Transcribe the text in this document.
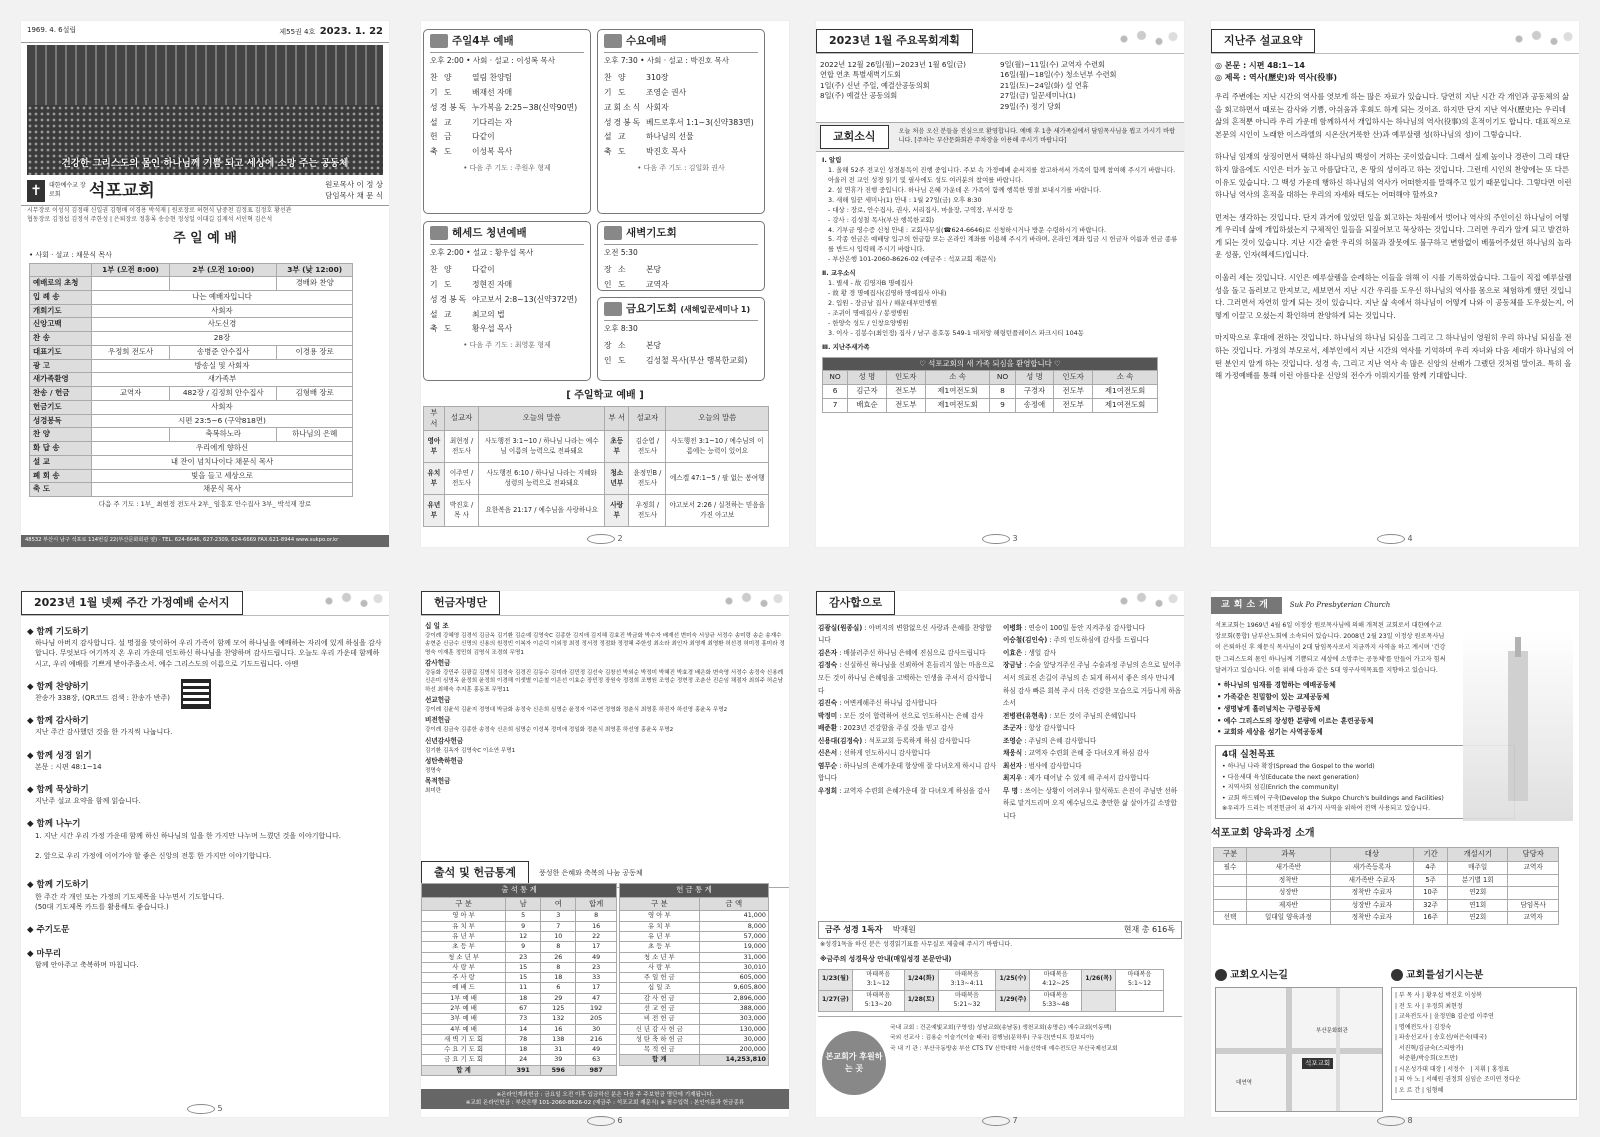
1969. 4. 6설립	제55권 4호 2023. 1. 22
건강한 그리스도의 몸인 하나님께 기쁨 되고 세상에 소망 주는 공동체
✝	대한예수교 장로회	석포교회	원로목사 이 정 상
담임목사 채 문 식
시무장로 이성식 김정태 신일권 김형배 이경용 박석재 | 원로장로 허현식 남중천 김정표 김정호 황선관
협동장로 김정섭 김정석 주한성 | 은퇴장로 정흥록 송승현 정성일 이대길 김재석 서인혁 김은석
주 일 예 배
• 사회 · 설교 : 채문식 목사
	1부 (오전 8:00)	2부 (오전 10:00)	3부 (낮 12:00)
예배로의 초청			경배와 찬양
입 례 송	나는 예배자입니다		
개회기도	사회자		
신앙고백	사도신경		
찬 송	28장		
대표기도	우정희 전도사	송병준 안수집사	이경용 장로
광 고	방송실 및 사회자		
새가족환영	새가족부		
찬송 / 헌금	교역자	482장 / 김정희 안수집사	김형배 장로
헌금기도	사회자		
성경봉독	시편 23:5~6 (구약818면)		
찬 양		축복하노라	하나님의 은혜
화 답 송	우리에게 향하신		
설 교	내 잔이 넘치나이다 채문식 목사		
폐 회 송	빛을 들고 세상으로		
축 도	채문식 목사		
다음 주 기도 : 1부_ 최현정 전도사 2부_ 임흥호 안수집사 3부_ 박석재 장로
48532 부산시 남구 석포로 114번길 22(부산문화회관 옆) · TEL. 624-6646, 627-2309, 624-6669 FAX.621-8944 www.sukpo.or.kr
주일4부 예배
오후 2:00 • 사회 · 설교 : 이성복 목사
찬 양	열림 찬양팀
기 도	배재선 자매
성경봉독 누가복음 2:25~38(신약90면)
설 교	기다리는 자
헌 금	다같이
축 도	이성복 목사
• 다음 주 기도 : 주원우 형제
수요예배
오후 7:30 • 사회 · 설교 : 박진호 목사
찬 양	310장
기 도	조영순 권사
교회소식 사회자
성경봉독 베드로후서 1:1~3(신약383면)
설 교	하나님의 선물
축 도	박진호 목사
• 다음 주 기도 : 김일화 권사
헤세드 청년예배
오후 2:00 • 설교 : 황우섭 목사
찬 양	다같이
기 도	정현진 자매
성경봉독 야고보서 2:8~13(신약372면)
설 교	최고의 법
축 도	황우섭 목사
• 다음 주 기도 : 최영훈 형제
새벽기도회
오전 5:30
장 소	본당
인 도	교역자
금요기도회 (새해일꾼세미나 1)
오후 8:30
장 소	본당
인 도	김성철 목사(부산 행복한교회)
[ 주일학교 예배 ]
부 서	설교자	오늘의 말씀	부 서	설교자	오늘의 말씀
영아부	최현정 / 전도사	사도행전 3:1~10 / 하나님 나라는 예수님 이름의 능력으로 전파돼요	초등부	김순엽 / 전도사	사도행전 3:1~10 / 예수님의 이름에는 능력이 있어요
유치부	이주연 / 전도사	사도행전 6:10 / 하나님 나라는 지혜와 성령의 능력으로 전파돼요	청소년부	윤정민B / 전도사	에스겔 47:1~5 / 팔 없는 봉여행
유년부	박진호 / 목 사	요한복음 21:17 / 예수님을 사랑하나요	사랑부	우정희 / 전도사	야고보서 2:26 / 실천하는 믿음을 가진 아고보
2
2023년 1월 주요목회계획
2022년 12월 26일(월)~2023년 1월 6일(금)
연합 연초 특별새벽기도회
1일(주) 신년 주일, 예결산공동의회
8일(주) 예결산 공동의회
9일(월)~11일(수) 교역자 수련회
16일(월)~18일(수) 청소년부 수련회
21일(토)~24일(화) 설 연휴
27일(금) 일꾼세미나(1)
29일(주) 정기 당회
교회소식	오늘 처음 오신 분들을 진심으로 환영합니다. 예배 후 1층 새가족실에서 담임목사님을 뵙고 가시기 바랍니다. [주차는 부산문화회관 주차장을 이용해 주시기 바랍니다]
Ⅰ. 알림
1. 올해 52주 전교인 성경통독이 진행 중입니다. 주보 속 가정예배 순서지를 참고하셔서 가족이 함께 참여해 주시기 바랍니다. 아울러 전 교인 성경 읽기 및 필사에도 성도 여러분의 참여를 바랍니다.
2. 설 연휴가 진행 중입니다. 하나님 은혜 가운데 온 가족이 함께 행복한 명절 보내시기를 바랍니다.
3. 새해 일꾼 세미나(1) 안내 : 1월 27일(금) 오후 8:30
- 대상 : 장로, 안수집사, 권사, 서리집사, 마을장, 구역장, 부서장 등
- 강사 : 김성철 목사(부산 행복한교회)
4. 기부금 영수증 신청 안내 : 교회사무실(☎624-6646)로 신청하시거나 방문 수령하시기 바랍니다.
5. 각종 헌금은 예배당 입구의 헌금함 또는 온라인 계좌를 이용해 주시기 바라며, 온라인 계좌 입금 시 헌금자 이름과 헌금 종류를 반드시 입력해 주시기 바랍니다.
- 부산은행 101-2060-8626-02 (예금주 : 석포교회 재문식)
Ⅱ. 교우소식
1. 별세 - 故 김영자B 명예집사
- 故 황 경 명예집사(김영하 명예집사 아내)
2. 입원 - 장금남 집사 / 해운대부민병원
- 조귀이 명예집사 / 봉생병원
- 한양숙 성도 / 인창요양병원
3. 이사 - 김봉수(최인정) 집사 / 남구 용호동 549-1 대저앙 해링턴플레이스 파크시티 104동
Ⅲ. 지난주새가족
♡ 석포교회의 새 가족 되심을 환영합니다 ♡							
NO	성 명	인도자	소 속	NO	성 명	인도자	소 속
6	김근자	전도부	제1여전도회	8	구경자	전도부	제1여전도회
7	배효순	전도부	제1여전도회	9	송정애	전도부	제1여전도회
3
지난주 설교요약
◎ 본문 : 시편 48:1~14
◎ 제목 : 역사(歷史)와 역사(役事)

우리 주변에는 지난 시간의 역사를 엿보게 하는 많은 자료가 있습니다. 당연히 지난 시간 각 개인과 공동체의 삶을 회고하면서 때로는 감사와 기쁨, 아쉬움과 후회도 하게 되는 것이죠. 하지만 단지 지난 역사(歷史)는 우리네 삶의 흔적뿐 아니라 우리 가운데 함께하셔서 개입하시는 하나님의 역사(役事)의 흔적이기도 합니다. 대표적으로 본문의 시인이 노래한 이스라엘의 시온산(거룩한 산)과 예루살렘 성(하나님의 성)이 그렇습니다.

하나님 임재의 상징이면서 택하신 하나님의 백성이 거하는 곳이었습니다. 그래서 실제 높이나 경관이 그리 대단하지 않음에도 시인은 터가 높고 아름답다고, 온 땅의 성이라고 하는 것입니다. 그런데 시인의 찬양에는 또 다른 이유도 있습니다. 그 백성 가운데 행하신 하나님의 역사가 어떠한지를 말해주고 있기 때문입니다. 그렇다면 이런 하나님 역사의 흔적을 대하는 우리의 자세와 태도는 어떠해야 할까요?

먼저는 생각하는 것입니다. 단지 과거에 있었던 일을 회고하는 차원에서 벗어나 역사의 주인이신 하나님이 어떻게 우리네 삶에 개입하셨는지 구체적인 일들을 되짚어보고 묵상하는 것입니다. 그러면 우리가 알게 되고 발견하게 되는 것이 있습니다. 지난 시간 숱한 우리의 허물과 잘못에도 불구하고 변함없이 베풀어주셨던 하나님의 놀라운 성품, 인자(헤세드)입니다.

이울러 세는 것입니다. 시인은 예루살렘을 순례하는 이들을 위해 이 시를 기록하였습니다. 그들이 직접 예루살렘 성을 돌고 돌러보고 만져보고, 세보면서 지난 시간 우리를 도우신 하나님의 역사를 몸으로 체험하게 했던 것입니다. 그러면서 자연히 알게 되는 것이 있습니다. 지난 삶 속에서 하나님이 어떻게 나와 이 공동체를 도우셨는지, 어떻게 이끌고 오셨는지 확인하며 찬양하게 되는 것입니다.

마지막으로 후대에 전하는 것입니다. 하나님의 하나님 되심을 그리고 그 하나님이 영원히 우리 하나님 되심을 전하는 것입니다. 가정의 부모로서, 세부인에서 지난 시간의 역사를 기억하며 우리 자녀와 다음 세대가 하나님의 어떤 분인지 알게 하는 것입니다. 성경 속, 그리고 지난 역사 속 많은 신앙의 선배가 그랬던 것처럼 말이죠. 특히 올해 가정예배를 통해 이런 아름다운 신앙의 전수가 이뤄지기를 함께 기대합니다.

4
2023년 1월 넷째 주간 가정예배 순서지
◆ 함께 기도하기
하나님 아버지 감사합니다. 설 명절을 맞이하여 우리 가족이 함께 모여 하나님을 예배하는 자리에 있게 하심을 감사합니다. 무엇보다 여기까지 온 우리 가운데 인도하신 하나님을 찬양하며 감사드립니다. 오늘도 우리 가운데 함께하시고, 우리 예배를 기쁘게 받아주옵소서. 예수 그리스도의 이름으로 기도드립니다. 아멘
◆ 함께 찬양하기
찬송가 338장, (QR코드 검색 : 찬송가 반주)
◆ 함께 감사하기
지난 주간 감사했던 것을 한 가지씩 나눕니다.
◆ 함께 성경 읽기
본문 : 시편 48:1~14
◆ 함께 묵상하기
지난주 설교 요약을 함께 읽습니다.
◆ 함께 나누기
1. 지난 시간 우리 가정 가운데 함께 하신 하나님의 일을 한 가지만 나누며 느꼈던 것을 이야기합니다.

2. 앞으로 우리 가정에 이어가야 할 좋은 신앙의 전통 한 가지만 이야기합니다.
◆ 함께 기도하기
한 주간 각 개인 또는 가정의 기도제목을 나누면서 기도합니다.
(50대 기도제목 카드를 활용해도 좋습니다.)
◆ 주기도문
◆ 마무리
함께 안아주고 축복하며 마칩니다.
5
헌금자명단
십 일 조
강이례 강혜영 김경석 김금옥 김기환 김순예 김영숙C 김종한 김지애 김지혜 김효진 박금화 박수자 배재선 변미숙 서상규 서정수 송미령 송순 송재수 송현준 신금수 신명의 신용의 원정빈 이복자 이순덕 이외정 최정 정서정 정점화 정정혜 주한성 최소라 최인자 최영재 최영환 허선경 허미정 홍미라 정명숙 이재훈 정민희 김명식 조경희 무명1
감사헌금
강동화 강민주 김광길 김병식 김경숙 김경진 김동수 김미라 김민정 김선숙 김창선 박외순 박정미 박혜진 박효경 배은화 변숙영 서정수 송정숙 신용례 신은미 심명옥 윤정희 윤정희 이경해 이샛별 이순철 이은선 이효순 장민정 장원숙 정정희 조병원 조영순 정현정 조춘산 진순임 채점자 최희주 허순남 하선 최해숙 추지훈 홍동표 무명11
선교헌금
강이례 김윤석 김윤지 정영대 박금화 송정숙 신은희 심명순 윤정자 이주연 정영화 정춘식 최영훈 하진자 하선영 홍윤옥 무명2
비전헌금
강이례 김금숙 김종한 송정숙 신은희 심명순 이성복 정미애 정일화 정춘식 최영훈 하선영 홍윤옥 무명2
신년감사헌금
김기환 김옥자 김영숙C 이소연 무명1
성탄축하헌금
정명숙
목적헌금
최미란
출석 및 헌금통계	풍성한 은혜와 축복의 나눔 공동체
출 석 통 계			
구 분	남	여	합계
영 아 부	5	3	8
유 치 부	9	7	16
유 년 부	12	10	22
초 등 부	9	8	17
청 소 년 부	23	26	49
사 랑 부	15	8	23
주 사 랑	15	18	33
예 배 드	11	6	17
1부 예 배	18	29	47
2부 예 배	67	125	192
3부 예 배	73	132	205
4부 예 배	14	16	30
새 벽 기 도 회	78	138	216
수 요 기 도 회	18	31	49
금 요 기 도 회	24	39	63
합 계	391	596	987
헌 금 통 계	
구 분	금 액
영 아 부	41,000
유 치 부	8,000
유 년 부	57,000
초 등 부	19,000
청 소 년 부	31,000
사 랑 부	30,010
주 일 헌 금	605,000
십 일 조	9,605,800
감 사 헌 금	2,896,000
선 교 헌 금	388,000
비 전 헌 금	303,000
신 년 감 사 헌 금	130,000
성 탄 축 하 헌 금	30,000
목 적 헌 금	200,000
합 계	14,253,810
※온라인계좌헌금 : 금요일 오전 이후 입금하신 분은 다음 주 주보헌금 명단에 기재됩니다.
※교회 온라인헌금 : 부산은행 101-2060-8626-02 (예금주 : 석포교회 재문식) ※ 필수입력 : 본인이름과 헌금종류
6
감사합으로
김광실(원종실) : 아버지의 변함없으신 사랑과 은혜를 찬양합니다
김은자 : 배불러주신 하나님 은혜에 진심으로 감사드립니다
김정숙 : 신실하신 하나님을 신뢰하여 흔들리지 않는 마음으로 모든 것이 하나님 은혜임을 고백하는 인생을 주셔서 감사합니다
김진숙 : 여변케해주신 하나님 감사합니다
박정미 : 모든 것이 합력하여 선으로 인도하시는 은혜 감사
배준환 : 2023년 건강함을 주실 것을 믿고 감사
신용대(김정숙) : 석포교회 등록하게 하심 감사합니다
신은서 : 선하게 인도하시니 감사합니다
염무순 : 하나님의 은혜가운데 항상애 잘 다녀오게 하시니 감사합니다
우정희 : 교역자 수련회 은혜가운데 잘 다녀오게 하심을 감사
이병화 : 연승이 100일 동안 지켜주심 감사합니다
이승철(김인숙) : 주의 인도하심에 감사를 드립니다
이효은 : 생일 감사
장금남 : 수술 앞당겨주신 주님 수술과정 주님의 손으로 덮어주셔서 의료진 손길이 주님의 손 되게 하셔서 좋은 의사 만나게 하심 감사 빠른 회복 주시 더욱 건강한 모습으로 거듭나게 하옵소서
전병관(유현옥) : 모든 것이 주님의 은혜입니다
조군자 : 항상 감사합니다
조영순 : 주님의 은혜 감사합니다
채웅식 : 교역자 수련회 은혜 중 다녀오게 하심 감사
최선자 : 범사에 감사합니다
최지우 : 제가 태어날 수 있게 해 주셔서 감사합니다
무 명 : 쓰이는 상황이 어려우나 할식하도 은진이 주님만 선하하로 맡겨드리며 오직 예수님으로 충만한 삶 살아가길 소망합니다
금주 성경 1독자 박재원	현재 총 616독
※성경1독을 하신 분은 성경읽기표를 사무실로 제출해 주시기 바랍니다.
※금주의 성경묵상 안내(매일성경 본문안내)
1/23(월)	마태복음 3:1~12	1/24(화)	마태복음 3:13~4:11	1/25(수)	마태복음 4:12~25	1/26(목)	마태복음 5:1~12
1/27(금)	마태복음 5:13~20	1/28(토)	마태복음 5:21~32	1/29(주)	마태복음 5:33~48		
본교회가 후원하는 곳
국내 교회 : 건곤예빛교회(구영성) 성남교회(송남동) 생천교회(송명순) 예수교회(이동백)
국외 선교사 : 김용순 이슬기(이슬 태국) 김행님(문하루) 구유진(반디트 캄보디아)
국 내 기 관 : 부산극동방송 부산 CTS TV 신학대학 서울신학대 예수전도단 부산국제선교회
7
교회소개	Suk Po Presbyterian Church
석포교회는 1969년 4월 6일 이정상 원로목사님에 의해 개척된 교회로서 대한예수교 장로회(통합) 남부산노회에 소속되어 있습니다. 2008년 2월 23일 이정상 원로목사님이 은퇴하신 후 채문식 목사님이 2대 담임목사로서 지금까지 사역을 하고 계시며 '건강한 그리스도의 몸인 하나님께 기쁨되고 세상에 소망주는 공동체'를 만들어 가고자 힘써 달려가고 있습니다. 이를 위해 다음과 같은 5대 영구사역목표를 지향하고 있습니다.
• 하나님의 임재를 경험하는 예배공동체
• 가족같은 친밀함이 있는 교제공동체
• 생명낳게 흘러넘치는 구령공동체
• 예수 그리스도의 장성한 분량에 이르는 훈련공동체
• 교회와 세상을 섬기는 사역공동체
4대 실천목표
• 하나님 나라 확장(Spread the Gospel to the world)
• 다음세대 육성(Educate the next generation)
• 지역사회 섬김(Enrich the community)
• 교회 하드웨어 구축(Develop the Sukpo Church's buildings and Facilities)
※우리가 드리는 비전헌금이 위 4가지 사역을 위하여 전액 사용되고 있습니다.
석포교회 양육과정 소개
구분	과목	대상	기간	개설시기	담당자
필수	새가족반	새가족등록자	4주	매주일	교역자
	정착반	새가족반 수료자	5주	분기별 1회	
	성장반	정착반 수료자	10주	연2회	
	제자반	성장반 수료자	32주	연1회	담임목사
선택	일대일 양육과정	정착반 수료자	16주	연2회	교역자
교회오시는길
석포교회
부산문화회관
대연역
교회를섬기시는분
| 부 목 사 | 황우섭 박진호 이성복
| 전 도 사 | 우정희 최현정
| 교육전도사 | 윤정민B 김순엽 이주연
| 명예전도사 | 김정숙
| 파송선교사 | 송호선/허은숙(태국)
서진혁/김금숙(스리랑카)
허준환/박승희(오트만)
| 시온성가대 대장 | 서정수   | 지휘 | 홍정표
| 피 아 노 | 서혜원 권정희 심임순 조미연 정다운
| 오 르 간 | 임형혜
8
